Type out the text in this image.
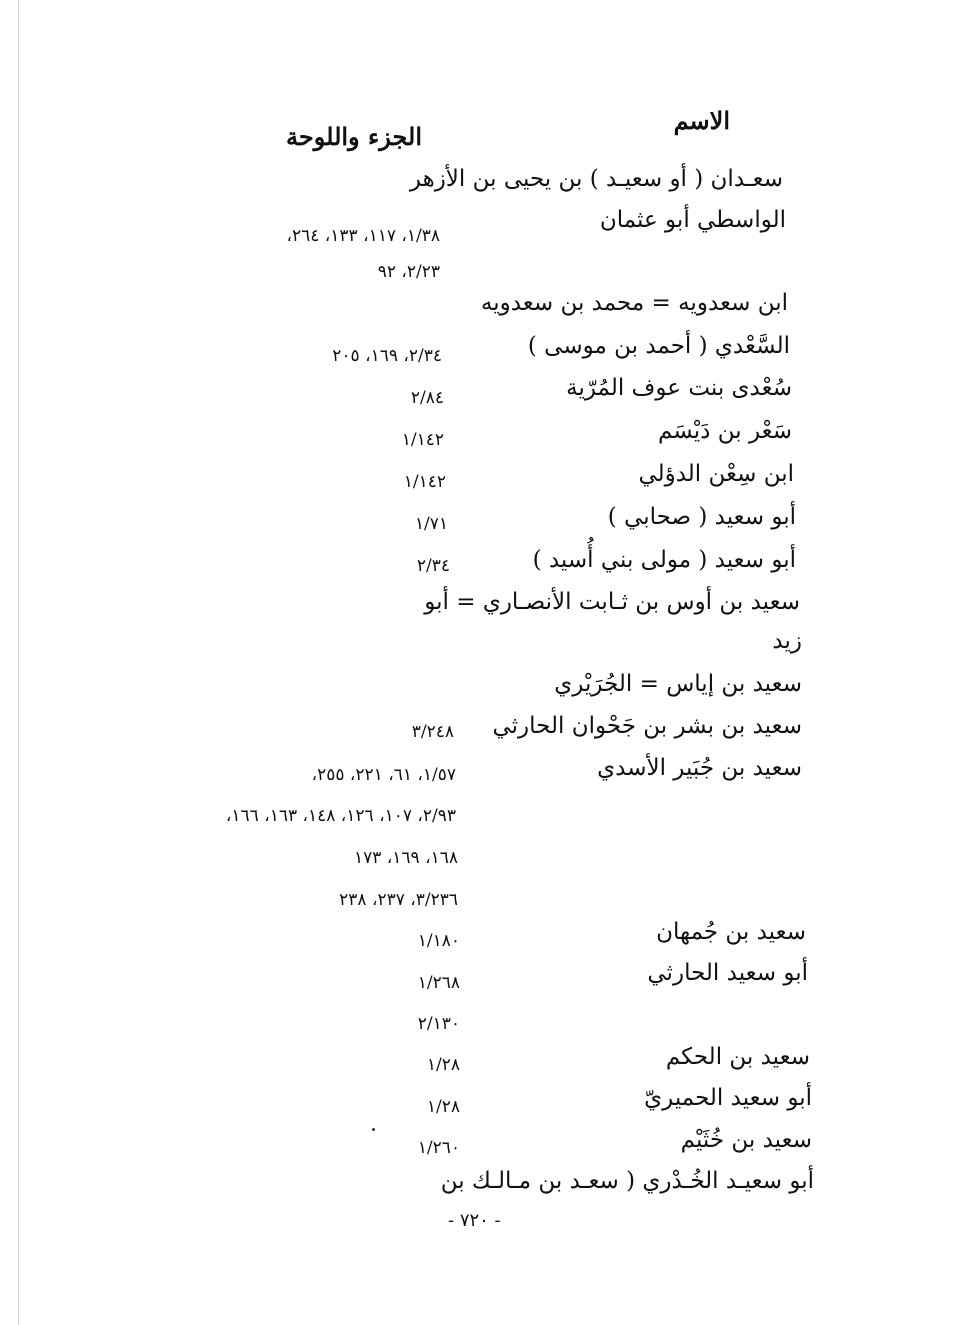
الاسم
الجزء واللوحة
سعـدان ( أو سعيـد ) بن يحيى بن الأزهر
الواسطي أبو عثمان
ابن سعدويه = محمد بن سعدويه
السَّعْدي ( أحمد بن موسى )
سُعْدى بنت عوف المُرّية
سَعْر بن دَيْسَم
ابن سِعْن الدؤلي
أبو سعيد ( صحابي )
أبو سعيد ( مولى بني أُسيد )
سعيد بن أوس بن ثـابت الأنصـاري = أبو
زيد
سعيد بن إياس = الجُرَيْري
سعيد بن بشر بن جَحْوان الحارثي
سعيد بن جُبَير الأسدي
سعيد بن جُمهان
أبو سعيد الحارثي
سعيد بن الحكم
أبو سعيد الحميريّ
سعيد بن خُثَيْم
أبو سعيـد الخُـدْري ( سعـد بن مـالـك بن
١/٣٨، ١١٧، ١٣٣، ٢٦٤،
٢/٢٣، ٩٢
٢/٣٤، ١٦٩، ٢٠٥
٢/٨٤
١/١٤٢
١/١٤٢
١/٧١
٢/٣٤
٣/٢٤٨
١/٥٧، ٦١، ٢٢١، ٢٥٥،
٢/٩٣، ١٠٧، ١٢٦، ١٤٨، ١٦٣، ١٦٦،
١٦٨، ١٦٩، ١٧٣
٣/٢٣٦، ٢٣٧، ٢٣٨
١/١٨٠
١/٢٦٨
٢/١٣٠
١/٢٨
١/٢٨
١/٢٦٠
- ٧٢٠ -
